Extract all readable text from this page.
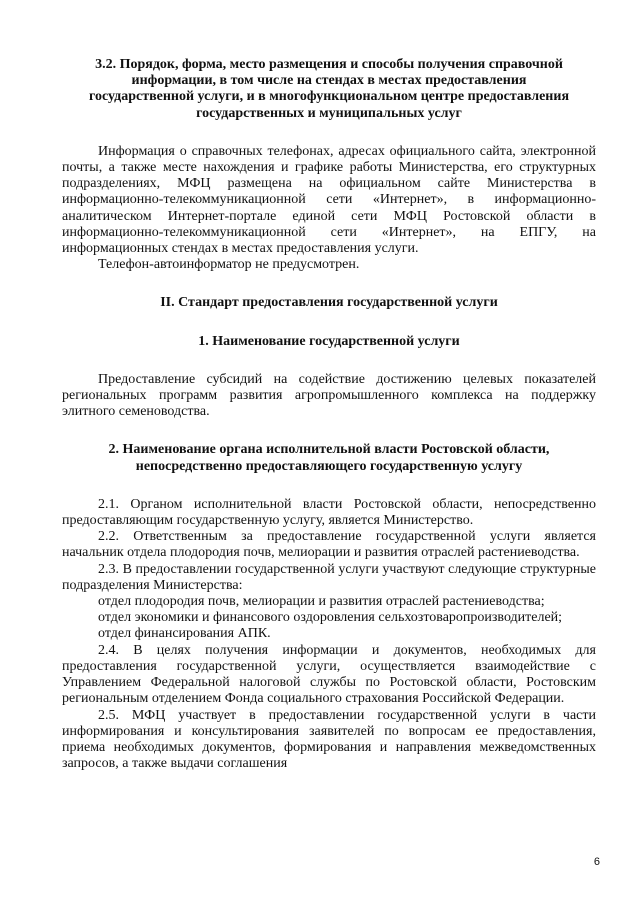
3.2. Порядок, форма, место размещения и способы получения справочной информации, в том числе на стендах в местах предоставления государственной услуги, и в многофункциональном центре предоставления государственных и муниципальных услуг

Информация о справочных телефонах, адресах официального сайта, электронной почты, а также месте нахождения и графике работы Министерства, его структурных подразделениях, МФЦ размещена на официальном сайте Министерства в информационно-телекоммуникационной сети «Интернет», в информационно-аналитическом Интернет-портале единой сети МФЦ Ростовской области в информационно-телекоммуникационной сети «Интернет», на ЕПГУ, на информационных стендах в местах предоставления услуги.

Телефон-автоинформатор не предусмотрен.

II. Стандарт предоставления государственной услуги

1. Наименование государственной услуги

Предоставление субсидий на содействие достижению целевых показателей региональных программ развития агропромышленного комплекса на поддержку элитного семеноводства.

2. Наименование органа исполнительной власти Ростовской области, непосредственно предоставляющего государственную услугу

2.1. Органом исполнительной власти Ростовской области, непосредственно предоставляющим государственную услугу, является Министерство.

2.2. Ответственным за предоставление государственной услуги является начальник отдела плодородия почв, мелиорации и развития отраслей растениеводства.

2.3. В предоставлении государственной услуги участвуют следующие структурные подразделения Министерства:

отдел плодородия почв, мелиорации и развития отраслей растениеводства;

отдел экономики и финансового оздоровления сельхозтоваропроизводителей;

отдел финансирования АПК.

2.4. В целях получения информации и документов, необходимых для предоставления государственной услуги, осуществляется взаимодействие с Управлением Федеральной налоговой службы по Ростовской области, Ростовским региональным отделением Фонда социального страхования Российской Федерации.

2.5. МФЦ участвует в предоставлении государственной услуги в части информирования и консультирования заявителей по вопросам ее предоставления, приема необходимых документов, формирования и направления межведомственных запросов, а также выдачи соглашения

6
